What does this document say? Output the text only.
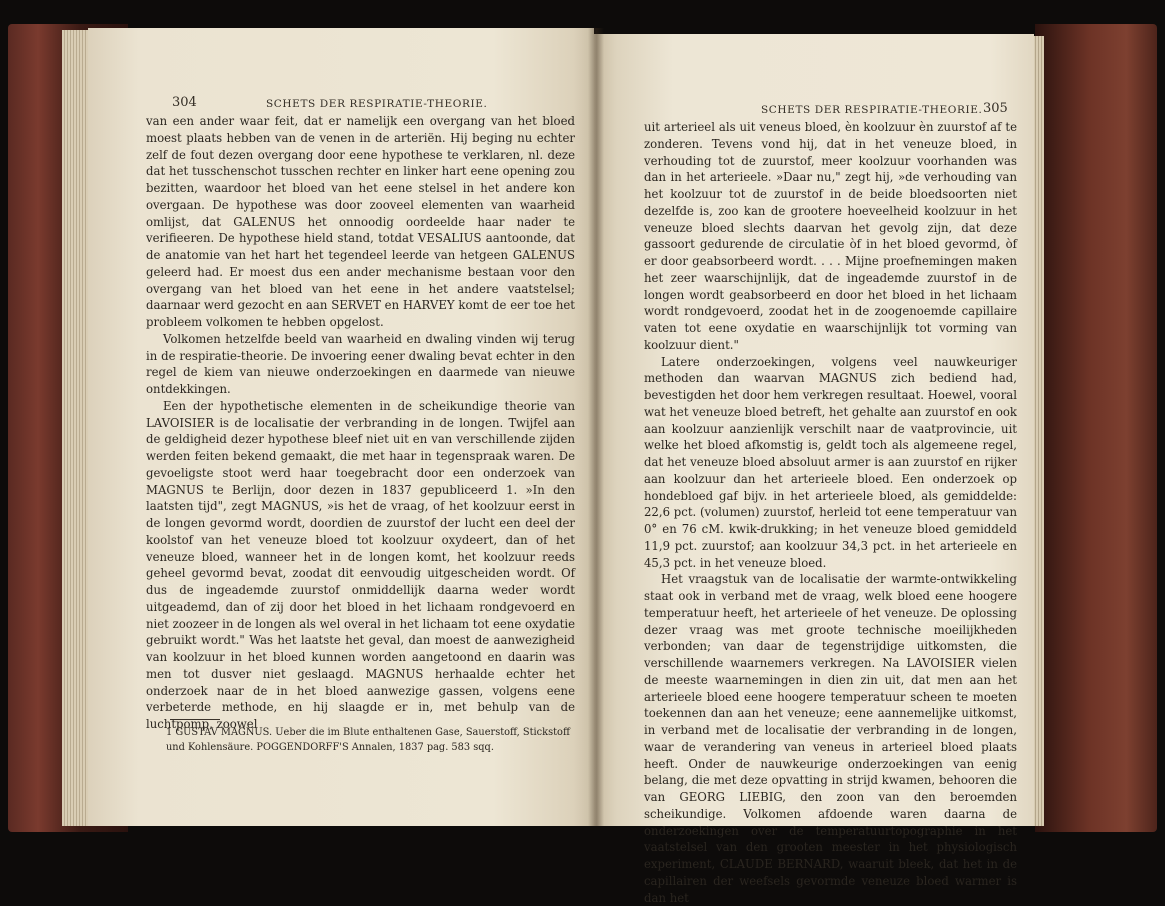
304	SCHETS DER RESPIRATIE-THEORIE.

van een ander waar feit, dat er namelijk een overgang van het bloed moest plaats hebben van de venen in de arteriën. Hij beging nu echter zelf de fout dezen overgang door eene hypothese te verklaren, nl. deze dat het tusschenschot tusschen rechter en linker hart eene opening zou bezitten, waardoor het bloed van het eene stelsel in het andere kon overgaan. De hypothese was door zooveel elementen van waarheid omlijst, dat GALENUS het onnoodig oordeelde haar nader te verifieeren. De hypothese hield stand, totdat VESALIUS aantoonde, dat de anatomie van het hart het tegendeel leerde van hetgeen GALENUS geleerd had. Er moest dus een ander mechanisme bestaan voor den overgang van het bloed van het eene in het andere vaatstelsel; daarnaar werd gezocht en aan SERVET en HARVEY komt de eer toe het probleem volkomen te hebben opgelost.

Volkomen hetzelfde beeld van waarheid en dwaling vinden wij terug in de respiratie-theorie. De invoering eener dwaling bevat echter in den regel de kiem van nieuwe onderzoekingen en daarmede van nieuwe ontdekkingen.

Een der hypothetische elementen in de scheikundige theorie van LAVOISIER is de localisatie der verbranding in de longen. Twijfel aan de geldigheid dezer hypothese bleef niet uit en van verschillende zijden werden feiten bekend gemaakt, die met haar in tegenspraak waren. De gevoeligste stoot werd haar toegebracht door een onderzoek van MAGNUS te Berlijn, door dezen in 1837 gepubliceerd 1. »In den laatsten tijd", zegt MAGNUS, »is het de vraag, of het koolzuur eerst in de longen gevormd wordt, doordien de zuurstof der lucht een deel der koolstof van het veneuze bloed tot koolzuur oxydeert, dan of het veneuze bloed, wanneer het in de longen komt, het koolzuur reeds geheel gevormd bevat, zoodat dit eenvoudig uitgescheiden wordt. Of dus de ingeademde zuurstof onmiddellijk daarna weder wordt uitgeademd, dan of zij door het bloed in het lichaam rondgevoerd en niet zoozeer in de longen als wel overal in het lichaam tot eene oxydatie gebruikt wordt." Was het laatste het geval, dan moest de aanwezigheid van koolzuur in het bloed kunnen worden aangetoond en daarin was men tot dusver niet geslaagd. MAGNUS herhaalde echter het onderzoek naar de in het bloed aanwezige gassen, volgens eene verbeterde methode, en hij slaagde er in, met behulp van de luchtpomp, zoowel

1 GUSTAV MAGNUS. Ueber die im Blute enthaltenen Gase, Sauerstoff, Stickstoff und Kohlensäure. POGGENDORFF'S Annalen, 1837 pag. 583 sqq.
SCHETS DER RESPIRATIE-THEORIE. 305

uit arterieel als uit veneus bloed, èn koolzuur èn zuurstof af te zonderen. Tevens vond hij, dat in het veneuze bloed, in verhouding tot de zuurstof, meer koolzuur voorhanden was dan in het arterieele. »Daar nu," zegt hij, »de verhouding van het koolzuur tot de zuurstof in de beide bloedsoorten niet dezelfde is, zoo kan de grootere hoeveelheid koolzuur in het veneuze bloed slechts daarvan het gevolg zijn, dat deze gassoort gedurende de circulatie òf in het bloed gevormd, òf er door geabsorbeerd wordt. . . . Mijne proefnemingen maken het zeer waarschijnlijk, dat de ingeademde zuurstof in de longen wordt geabsorbeerd en door het bloed in het lichaam wordt rondgevoerd, zoodat het in de zoogenoemde capillaire vaten tot eene oxydatie en waarschijnlijk tot vorming van koolzuur dient."

Latere onderzoekingen, volgens veel nauwkeuriger methoden dan waarvan MAGNUS zich bediend had, bevestigden het door hem verkregen resultaat. Hoewel, vooral wat het veneuze bloed betreft, het gehalte aan zuurstof en ook aan koolzuur aanzienlijk verschilt naar de vaatprovincie, uit welke het bloed afkomstig is, geldt toch als algemeene regel, dat het veneuze bloed absoluut armer is aan zuurstof en rijker aan koolzuur dan het arterieele bloed. Een onderzoek op hondebloed gaf bijv. in het arterieele bloed, als gemiddelde: 22,6 pct. (volumen) zuurstof, herleid tot eene temperatuur van 0° en 76 cM. kwik-drukking; in het veneuze bloed gemiddeld 11,9 pct. zuurstof; aan koolzuur 34,3 pct. in het arterieele en 45,3 pct. in het veneuze bloed.

Het vraagstuk van de localisatie der warmte-ontwikkeling staat ook in verband met de vraag, welk bloed eene hoogere temperatuur heeft, het arterieele of het veneuze. De oplossing dezer vraag was met groote technische moeilijkheden verbonden; van daar de tegenstrijdige uitkomsten, die verschillende waarnemers verkregen. Na LAVOISIER vielen de meeste waarnemingen in dien zin uit, dat men aan het arterieele bloed eene hoogere temperatuur scheen te moeten toekennen dan aan het veneuze; eene aannemelijke uitkomst, in verband met de localisatie der verbranding in de longen, waar de verandering van veneus in arterieel bloed plaats heeft. Onder de nauwkeurige onderzoekingen van eenig belang, die met deze opvatting in strijd kwamen, behooren die van GEORG LIEBIG, den zoon van den beroemden scheikundige. Volkomen afdoende waren daarna de onderzoekingen over de temperatuurtopographie in het vaatstelsel van den grooten meester in het physiologisch experiment, CLAUDE BERNARD, waaruit bleek, dat het in de capillairen der weefsels gevormde veneuze bloed warmer is dan het
